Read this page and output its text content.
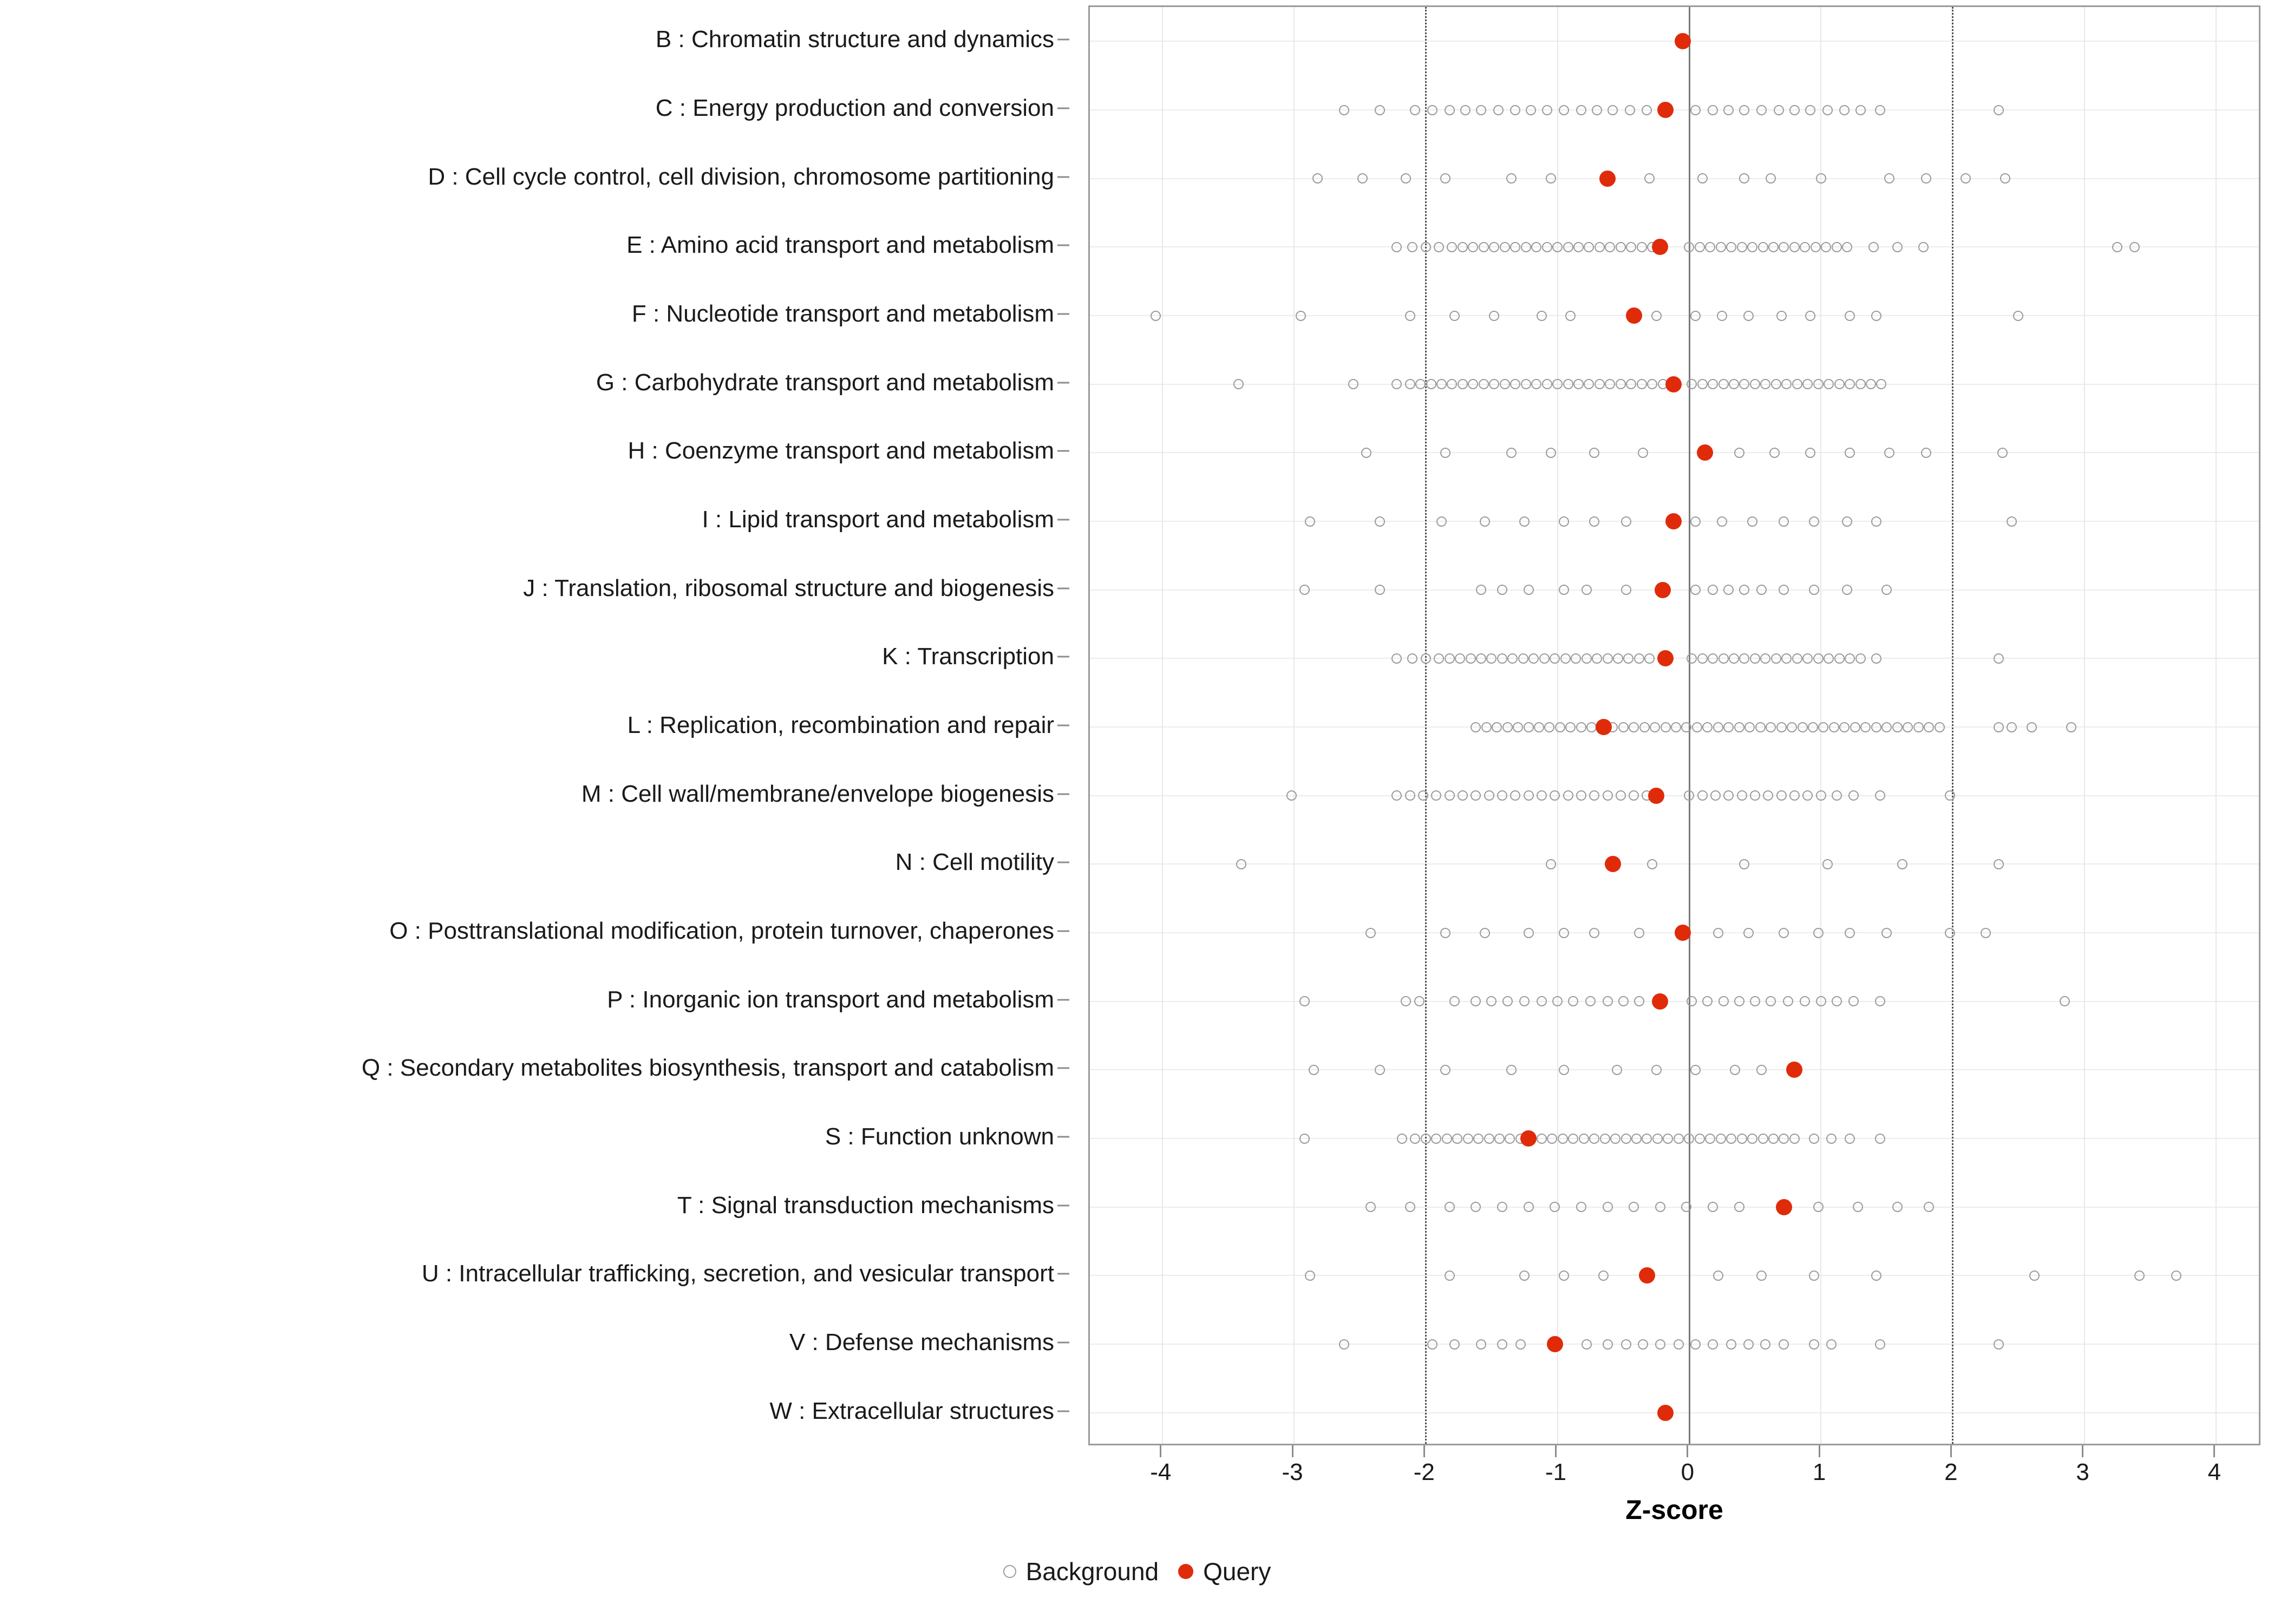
B : Chromatin structure and dynamics
C : Energy production and conversion
D : Cell cycle control, cell division, chromosome partitioning
E : Amino acid transport and metabolism
F : Nucleotide transport and metabolism
G : Carbohydrate transport and metabolism
H : Coenzyme transport and metabolism
I : Lipid transport and metabolism
J : Translation, ribosomal structure and biogenesis
K : Transcription
L : Replication, recombination and repair
M : Cell wall/membrane/envelope biogenesis
N : Cell motility
O : Posttranslational modification, protein turnover, chaperones
P : Inorganic ion transport and metabolism
Q : Secondary metabolites biosynthesis, transport and catabolism
S : Function unknown
T : Signal transduction mechanisms
U : Intracellular trafficking, secretion, and vesicular transport
V : Defense mechanisms
W : Extracellular structures
-4	-3	-2	-1	0	1	2	3	4
Z-score
Background Query
